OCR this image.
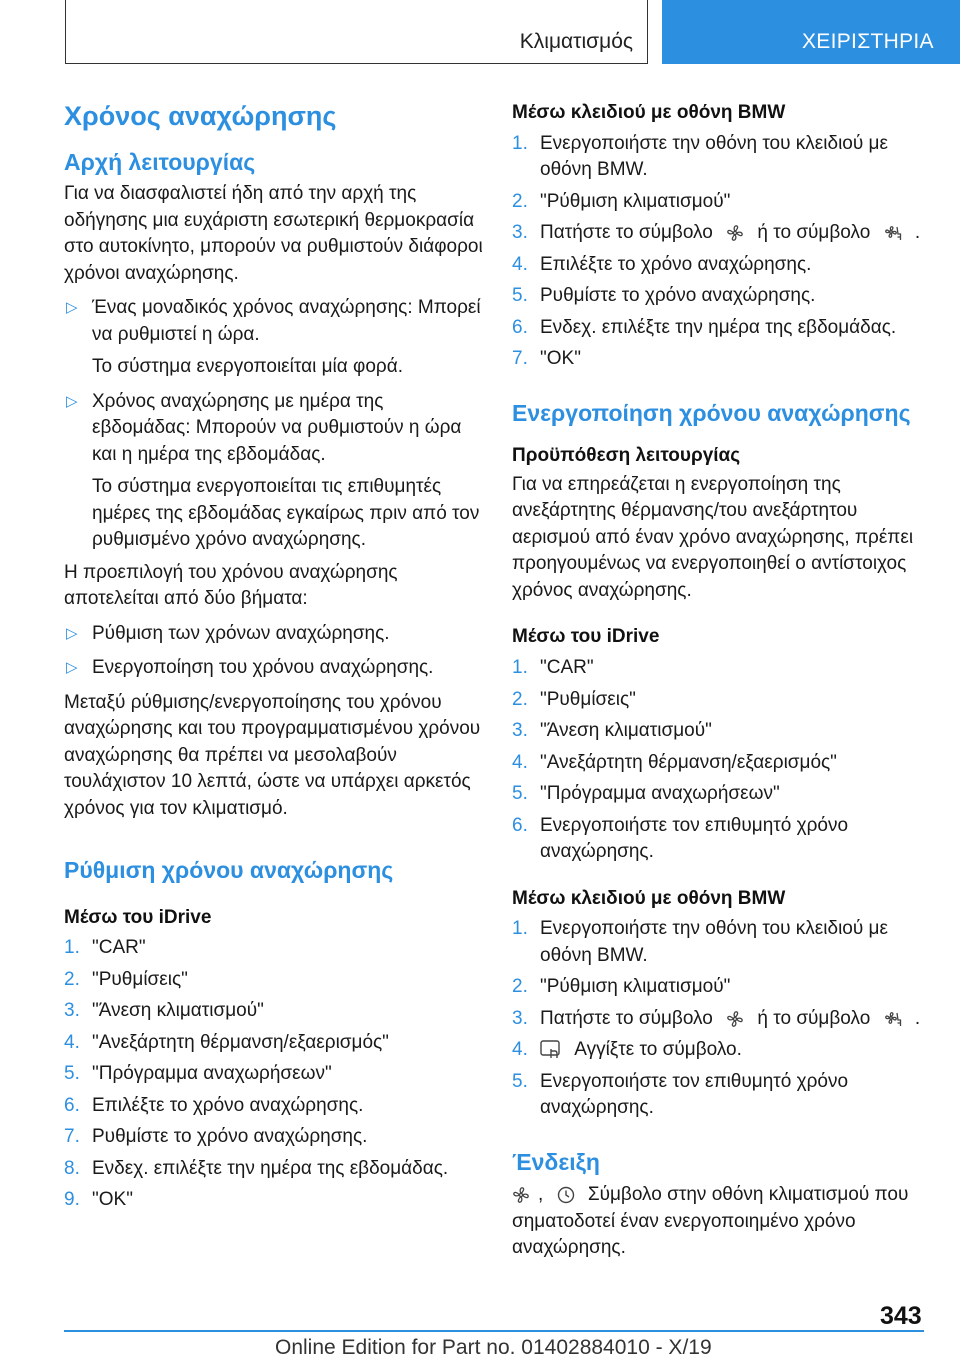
Κλιματισμός	ΧΕΙΡΙΣΤΗΡΙΑ
Χρόνος αναχώρησης
Αρχή λειτουργίας

Για να διασφαλιστεί ήδη από την αρχή της οδήγησης μια ευχάριστη εσωτερική θερμοκρασία στο αυτοκίνητο, μπορούν να ρυθμιστούν διάφοροι χρόνοι αναχώρησης.

▷ Ένας μοναδικός χρόνος αναχώρησης: Μπορεί να ρυθμιστεί η ώρα.
Το σύστημα ενεργοποιείται μία φορά.
▷ Χρόνος αναχώρησης με ημέρα της εβδομάδας: Μπορούν να ρυθμιστούν η ώρα και η ημέρα της εβδομάδας.
Το σύστημα ενεργοποιείται τις επιθυμητές ημέρες της εβδομάδας εγκαίρως πριν από τον ρυθμισμένο χρόνο αναχώρησης.

Η προεπιλογή του χρόνου αναχώρησης αποτελείται από δύο βήματα:

▷ Ρύθμιση των χρόνων αναχώρησης.
▷ Ενεργοποίηση του χρόνου αναχώρησης.

Μεταξύ ρύθμισης/ενεργοποίησης του χρόνου αναχώρησης και του προγραμματισμένου χρόνου αναχώρησης θα πρέπει να μεσολαβούν τουλάχιστον 10 λεπτά, ώστε να υπάρχει αρκετός χρόνος για τον κλιματισμό.

Ρύθμιση χρόνου αναχώρησης
Μέσω του iDrive
1. "CAR"
2. "Ρυθμίσεις"
3. "Άνεση κλιματισμού"
4. "Ανεξάρτητη θέρμανση/εξαερισμός"
5. "Πρόγραμμα αναχωρήσεων"
6. Επιλέξτε το χρόνο αναχώρησης.
7. Ρυθμίστε το χρόνο αναχώρησης.
8. Ενδεχ. επιλέξτε την ημέρα της εβδομάδας.
9. "OK"
Μέσω κλειδιού με οθόνη BMW
1. Ενεργοποιήστε την οθόνη του κλειδιού με οθόνη BMW.
2. "Ρύθμιση κλιματισμού"
3. Πατήστε το σύμβολο ή το σύμβολο .
4. Επιλέξτε το χρόνο αναχώρησης.
5. Ρυθμίστε το χρόνο αναχώρησης.
6. Ενδεχ. επιλέξτε την ημέρα της εβδομάδας.
7. "OK"
Ενεργοποίηση χρόνου αναχώρησης
Προϋπόθεση λειτουργίας

Για να επηρεάζεται η ενεργοποίηση της ανεξάρτητης θέρμανσης/του ανεξάρτητου αερισμού από έναν χρόνο αναχώρησης, πρέπει προηγουμένως να ενεργοποιηθεί ο αντίστοιχος χρόνος αναχώρησης.

Μέσω του iDrive
1. "CAR"
2. "Ρυθμίσεις"
3. "Άνεση κλιματισμού"
4. "Ανεξάρτητη θέρμανση/εξαερισμός"
5. "Πρόγραμμα αναχωρήσεων"
6. Ενεργοποιήστε τον επιθυμητό χρόνο αναχώρησης.
Μέσω κλειδιού με οθόνη BMW
1. Ενεργοποιήστε την οθόνη του κλειδιού με οθόνη BMW.
2. "Ρύθμιση κλιματισμού"
3. Πατήστε το σύμβολο ή το σύμβολο .
4. Αγγίξτε το σύμβολο.
5. Ενεργοποιήστε τον επιθυμητό χρόνο αναχώρησης.
Ένδειξη

, Σύμβολο στην οθόνη κλιματισμού που σηματοδοτεί έναν ενεργοποιημένο χρόνο αναχώρησης.

343
Online Edition for Part no. 01402884010 - X/19
